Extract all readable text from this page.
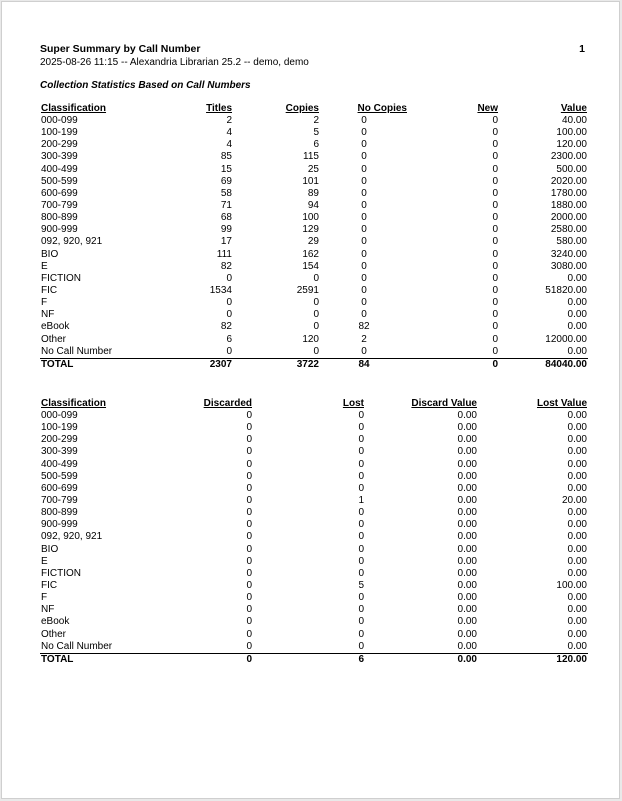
Super Summary by Call Number
2025-08-26 11:15 -- Alexandria Librarian 25.2 -- demo, demo
1
Collection Statistics Based on Call Numbers
Classification	Titles	Copies	No Copies	New	Value
000-099	2	2	0	0	40.00
100-199	4	5	0	0	100.00
200-299	4	6	0	0	120.00
300-399	85	115	0	0	2300.00
400-499	15	25	0	0	500.00
500-599	69	101	0	0	2020.00
600-699	58	89	0	0	1780.00
700-799	71	94	0	0	1880.00
800-899	68	100	0	0	2000.00
900-999	99	129	0	0	2580.00
092, 920, 921	17	29	0	0	580.00
BIO	111	162	0	0	3240.00
E	82	154	0	0	3080.00
FICTION	0	0	0	0	0.00
FIC	1534	2591	0	0	51820.00
F	0	0	0	0	0.00
NF	0	0	0	0	0.00
eBook	82	0	82	0	0.00
Other	6	120	2	0	12000.00
No Call Number	0	0	0	0	0.00
TOTAL	2307	3722	84	0	84040.00
Classification	Discarded	Lost	Discard Value	Lost Value
000-099	0	0	0.00	0.00
100-199	0	0	0.00	0.00
200-299	0	0	0.00	0.00
300-399	0	0	0.00	0.00
400-499	0	0	0.00	0.00
500-599	0	0	0.00	0.00
600-699	0	0	0.00	0.00
700-799	0	1	0.00	20.00
800-899	0	0	0.00	0.00
900-999	0	0	0.00	0.00
092, 920, 921	0	0	0.00	0.00
BIO	0	0	0.00	0.00
E	0	0	0.00	0.00
FICTION	0	0	0.00	0.00
FIC	0	5	0.00	100.00
F	0	0	0.00	0.00
NF	0	0	0.00	0.00
eBook	0	0	0.00	0.00
Other	0	0	0.00	0.00
No Call Number	0	0	0.00	0.00
TOTAL	0	6	0.00	120.00
